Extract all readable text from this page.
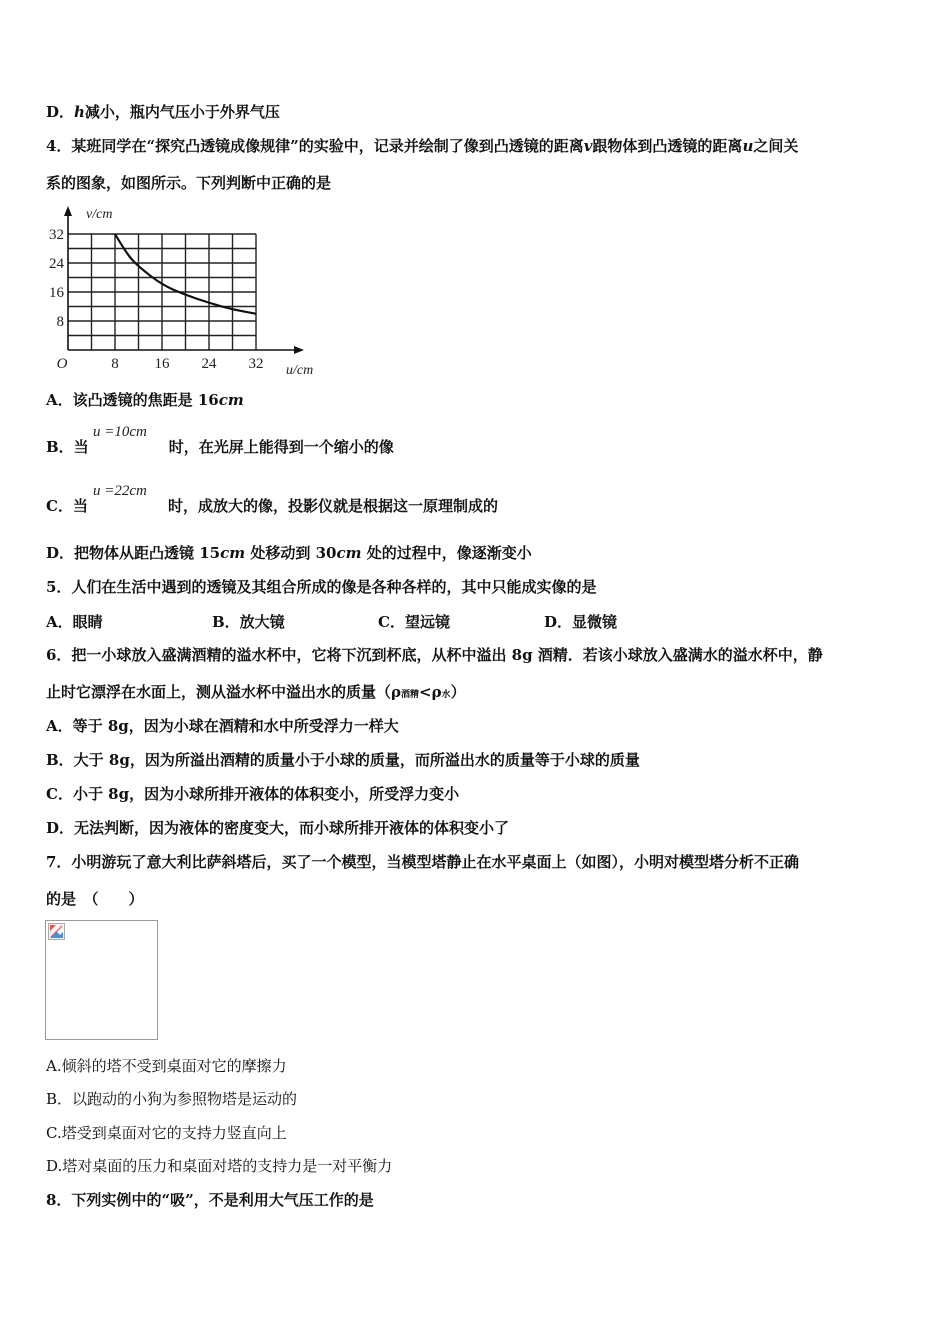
D．h减小，瓶内气压小于外界气压
4．某班同学在“探究凸透镜成像规律”的实验中，记录并绘制了像到凸透镜的距离v跟物体到凸透镜的距离u之间关
系的图象，如图所示。下列判断中正确的是
8 16 24 32
32
24
16
8
O	u/cm
v/cm
A．该凸透镜的焦距是 16cm
B．当	时，在光屏上能得到一个缩小的像
u =10cm
C．当	时，成放大的像，投影仪就是根据这一原理制成的
u =22cm
D．把物体从距凸透镜 15cm 处移动到 30cm 处的过程中，像逐渐变小
5．人们在生活中遇到的透镜及其组合所成的像是各种各样的，其中只能成实像的是
A．眼睛	B．放大镜	C．望远镜	D．显微镜
6．把一小球放入盛满酒精的溢水杯中，它将下沉到杯底，从杯中溢出 8g 酒精．若该小球放入盛满水的溢水杯中，静
止时它漂浮在水面上，测从溢水杯中溢出水的质量（ρ酒精<ρ水）
A．等于 8g，因为小球在酒精和水中所受浮力一样大
B．大于 8g，因为所溢出酒精的质量小于小球的质量，而所溢出水的质量等于小球的质量
C．小于 8g，因为小球所排开液体的体积变小，所受浮力变小
D．无法判断，因为液体的密度变大，而小球所排开液体的体积变小了
7．小明游玩了意大利比萨斜塔后，买了一个模型，当模型塔静止在水平桌面上（如图），小明对模型塔分析不正确
的是　（　　）
A.倾斜的塔不受到桌面对它的摩擦力
B．以跑动的小狗为参照物塔是运动的
C.塔受到桌面对它的支持力竖直向上
D.塔对桌面的压力和桌面对塔的支持力是一对平衡力
8．下列实例中的“吸”，不是利用大气压工作的是
